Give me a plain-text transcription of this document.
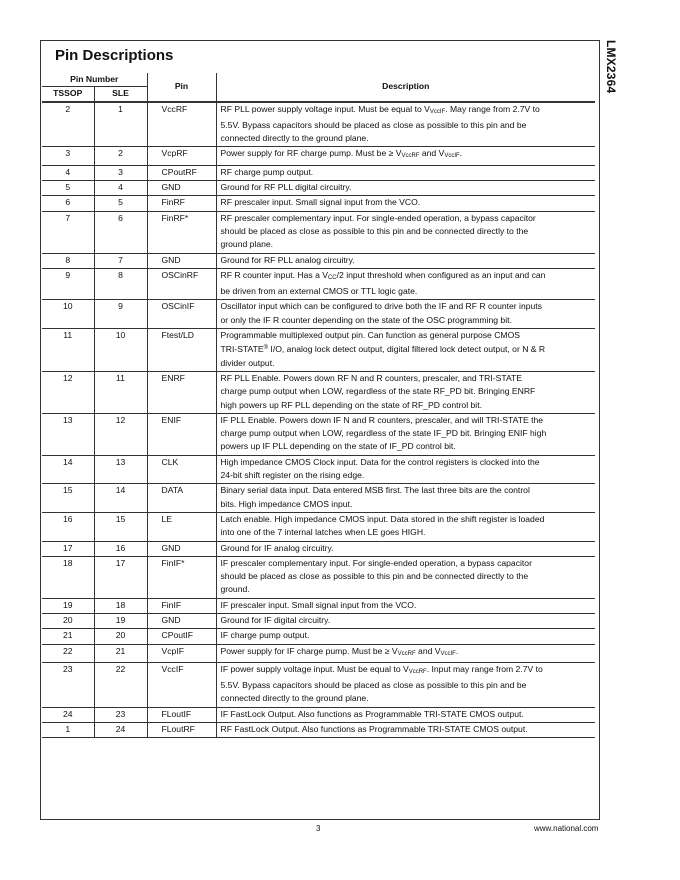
LMX2364
Pin Descriptions
Pin Number		Pin	Description
TSSOP	SLE		
2	1	VccRF	RF PLL power supply voltage input. Must be equal to $V_{VccIF}$. May range from 2.7V to
5.5V. Bypass capacitors should be placed as close as possible to this pin and be
connected directly to the ground plane.
3	2	VcpRF	Power supply for RF charge pump. Must be ≥ $V_{VccRF}$ and $V_{VccIF}$.
4	3	CPoutRF	RF charge pump output.
5	4	GND	Ground for RF PLL digital circuitry.
6	5	FinRF	RF prescaler input. Small signal input from the VCO.
7	6	FinRF*	RF prescaler complementary input. For single-ended operation, a bypass capacitor
should be placed as close as possible to this pin and be connected directly to the
ground plane.
8	7	GND	Ground for RF PLL analog circuitry.
9	8	OSCinRF	RF R counter input. Has a $V_{CC}/2$ input threshold when configured as an input and can
be driven from an external CMOS or TTL logic gate.
10	9	OSCinIF	Oscillator input which can be configured to drive both the IF and RF R counter inputs
or only the IF R counter depending on the state of the OSC programming bit.
11	10	Ftest/LD	Programmable multiplexed output pin. Can function as general purpose CMOS
TRI-STATE® I/O, analog lock detect output, digital filtered lock detect output, or N & R
divider output.
12	11	ENRF	RF PLL Enable. Powers down RF N and R counters, prescaler, and TRI-STATE
charge pump output when LOW, regardless of the state RF_PD bit. Bringing ENRF
high powers up RF PLL depending on the state of RF_PD control bit.
13	12	ENIF	IF PLL Enable. Powers down IF N and R counters, prescaler, and will TRI-STATE the
charge pump output when LOW, regardless of the state IF_PD bit. Bringing ENIF high
powers up IF PLL depending on the state of IF_PD control bit.
14	13	CLK	High impedance CMOS Clock input. Data for the control registers is clocked into the
24-bit shift register on the rising edge.
15	14	DATA	Binary serial data input. Data entered MSB first. The last three bits are the control
bits. High impedance CMOS input.
16	15	LE	Latch enable. High impedance CMOS input. Data stored in the shift register is loaded
into one of the 7 internal latches when LE goes HIGH.
17	16	GND	Ground for IF analog circuitry.
18	17	FinIF*	IF prescaler complementary input. For single-ended operation, a bypass capacitor
should be placed as close as possible to this pin and be connected directly to the
ground.
19	18	FinIF	IF prescaler input. Small signal input from the VCO.
20	19	GND	Ground for IF digital circuitry.
21	20	CPoutIF	IF charge pump output.
22	21	VcpIF	Power supply for IF charge pump. Must be ≥ $V_{VccRF}$ and $V_{VccIF}$.
23	22	VccIF	IF power supply voltage input. Must be equal to $V_{VccRF}$. Input may range from 2.7V to
5.5V. Bypass capacitors should be placed as close as possible to this pin and be
connected directly to the ground plane.
24	23	FLoutIF	IF FastLock Output. Also functions as Programmable TRI-STATE CMOS output.
1	24	FLoutRF	RF FastLock Output. Also functions as Programmable TRI-STATE CMOS output.
3	www.national.com
